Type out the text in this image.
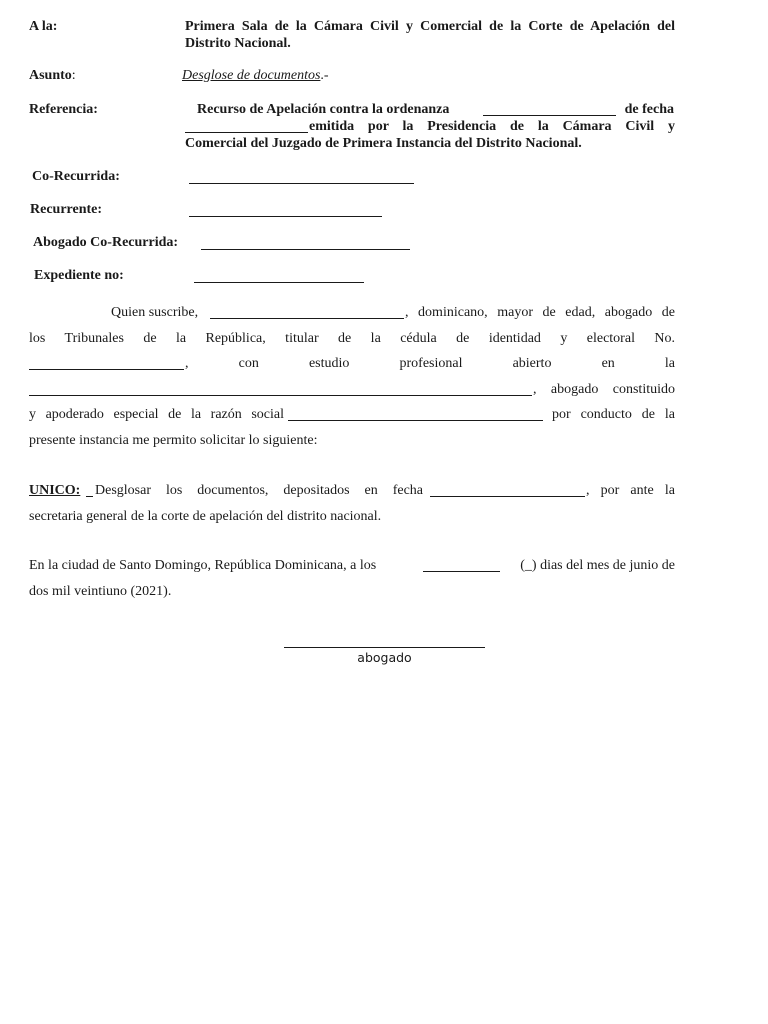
A la:	Primera Sala de la Cámara Civil y Comercial de la Corte de Apelación del
Distrito Nacional.
Asunto:	Desglose de documentos.-
Referencia:	Recurso de Apelación contra la ordenanza	de fecha
emitida por la Presidencia de la Cámara Civil y
Comercial del Juzgado de Primera Instancia del Distrito Nacional.
Co-Recurrida:
Recurrente:
Abogado Co-Recurrida:
Expediente no:
Quien suscribe,	, dominicano, mayor de edad, abogado de
los Tribunales de la República, titular de la cédula de identidad y electoral No.
, con estudio profesional abierto en la
, abogado constituido
y apoderado especial de la razón social	por conducto de la
presente instancia me permito solicitar lo siguiente:
UNICO: Desglosar los documentos, depositados en fecha	, por ante la
secretaria general de la corte de apelación del distrito nacional.
En la ciudad de Santo Domingo, República Dominicana, a los	(_) dias del mes de junio de
dos mil veintiuno (2021).
abogado
